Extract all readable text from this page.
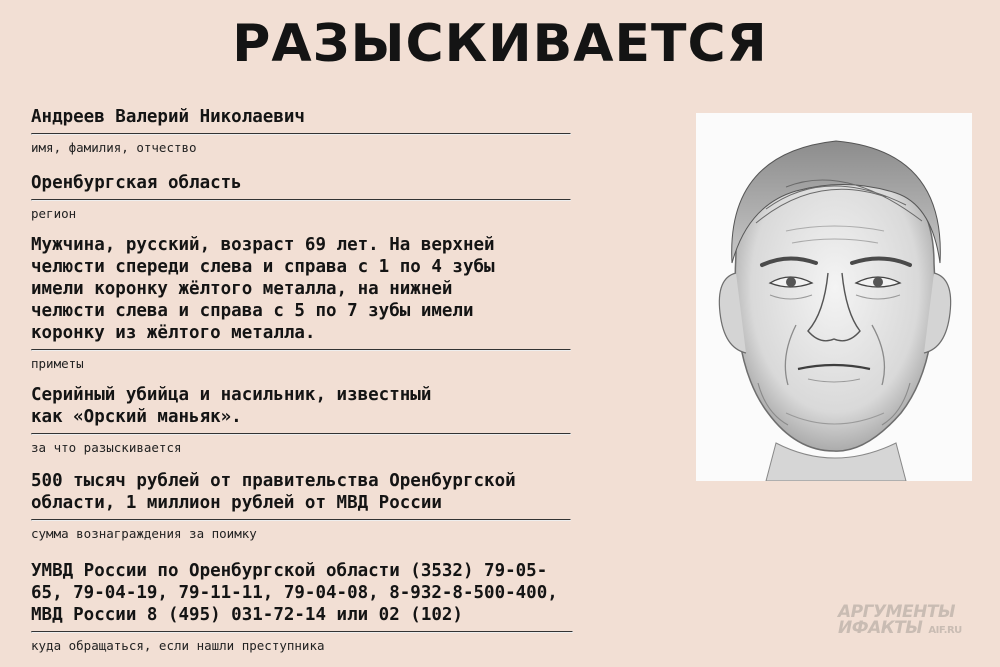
РАЗЫСКИВАЕТСЯ
Андреев Валерий Николаевич
имя, фамилия, отчество
Оренбургская область
регион
Мужчина, русский, возраст 69 лет. На верхней
челюсти спереди слева и справа с 1 по 4 зубы
имели коронку жёлтого металла, на нижней
челюсти слева и справа с 5 по 7 зубы имели
коронку из жёлтого металла.
приметы
Серийный убийца и насильник, известный
как «Орский маньяк».
за что разыскивается
500 тысяч рублей от правительства Оренбургской
области, 1 миллион рублей от МВД России
сумма вознаграждения за поимку
УМВД России по Оренбургской области (3532) 79-05-
65, 79-04-19, 79-11-11, 79-04-08, 8-932-8-500-400,
МВД России 8 (495) 031-72-14 или 02 (102)
куда обращаться, если нашли преступника
АРГУМЕНТЫ
ИФАКТЫ AIF.RU
